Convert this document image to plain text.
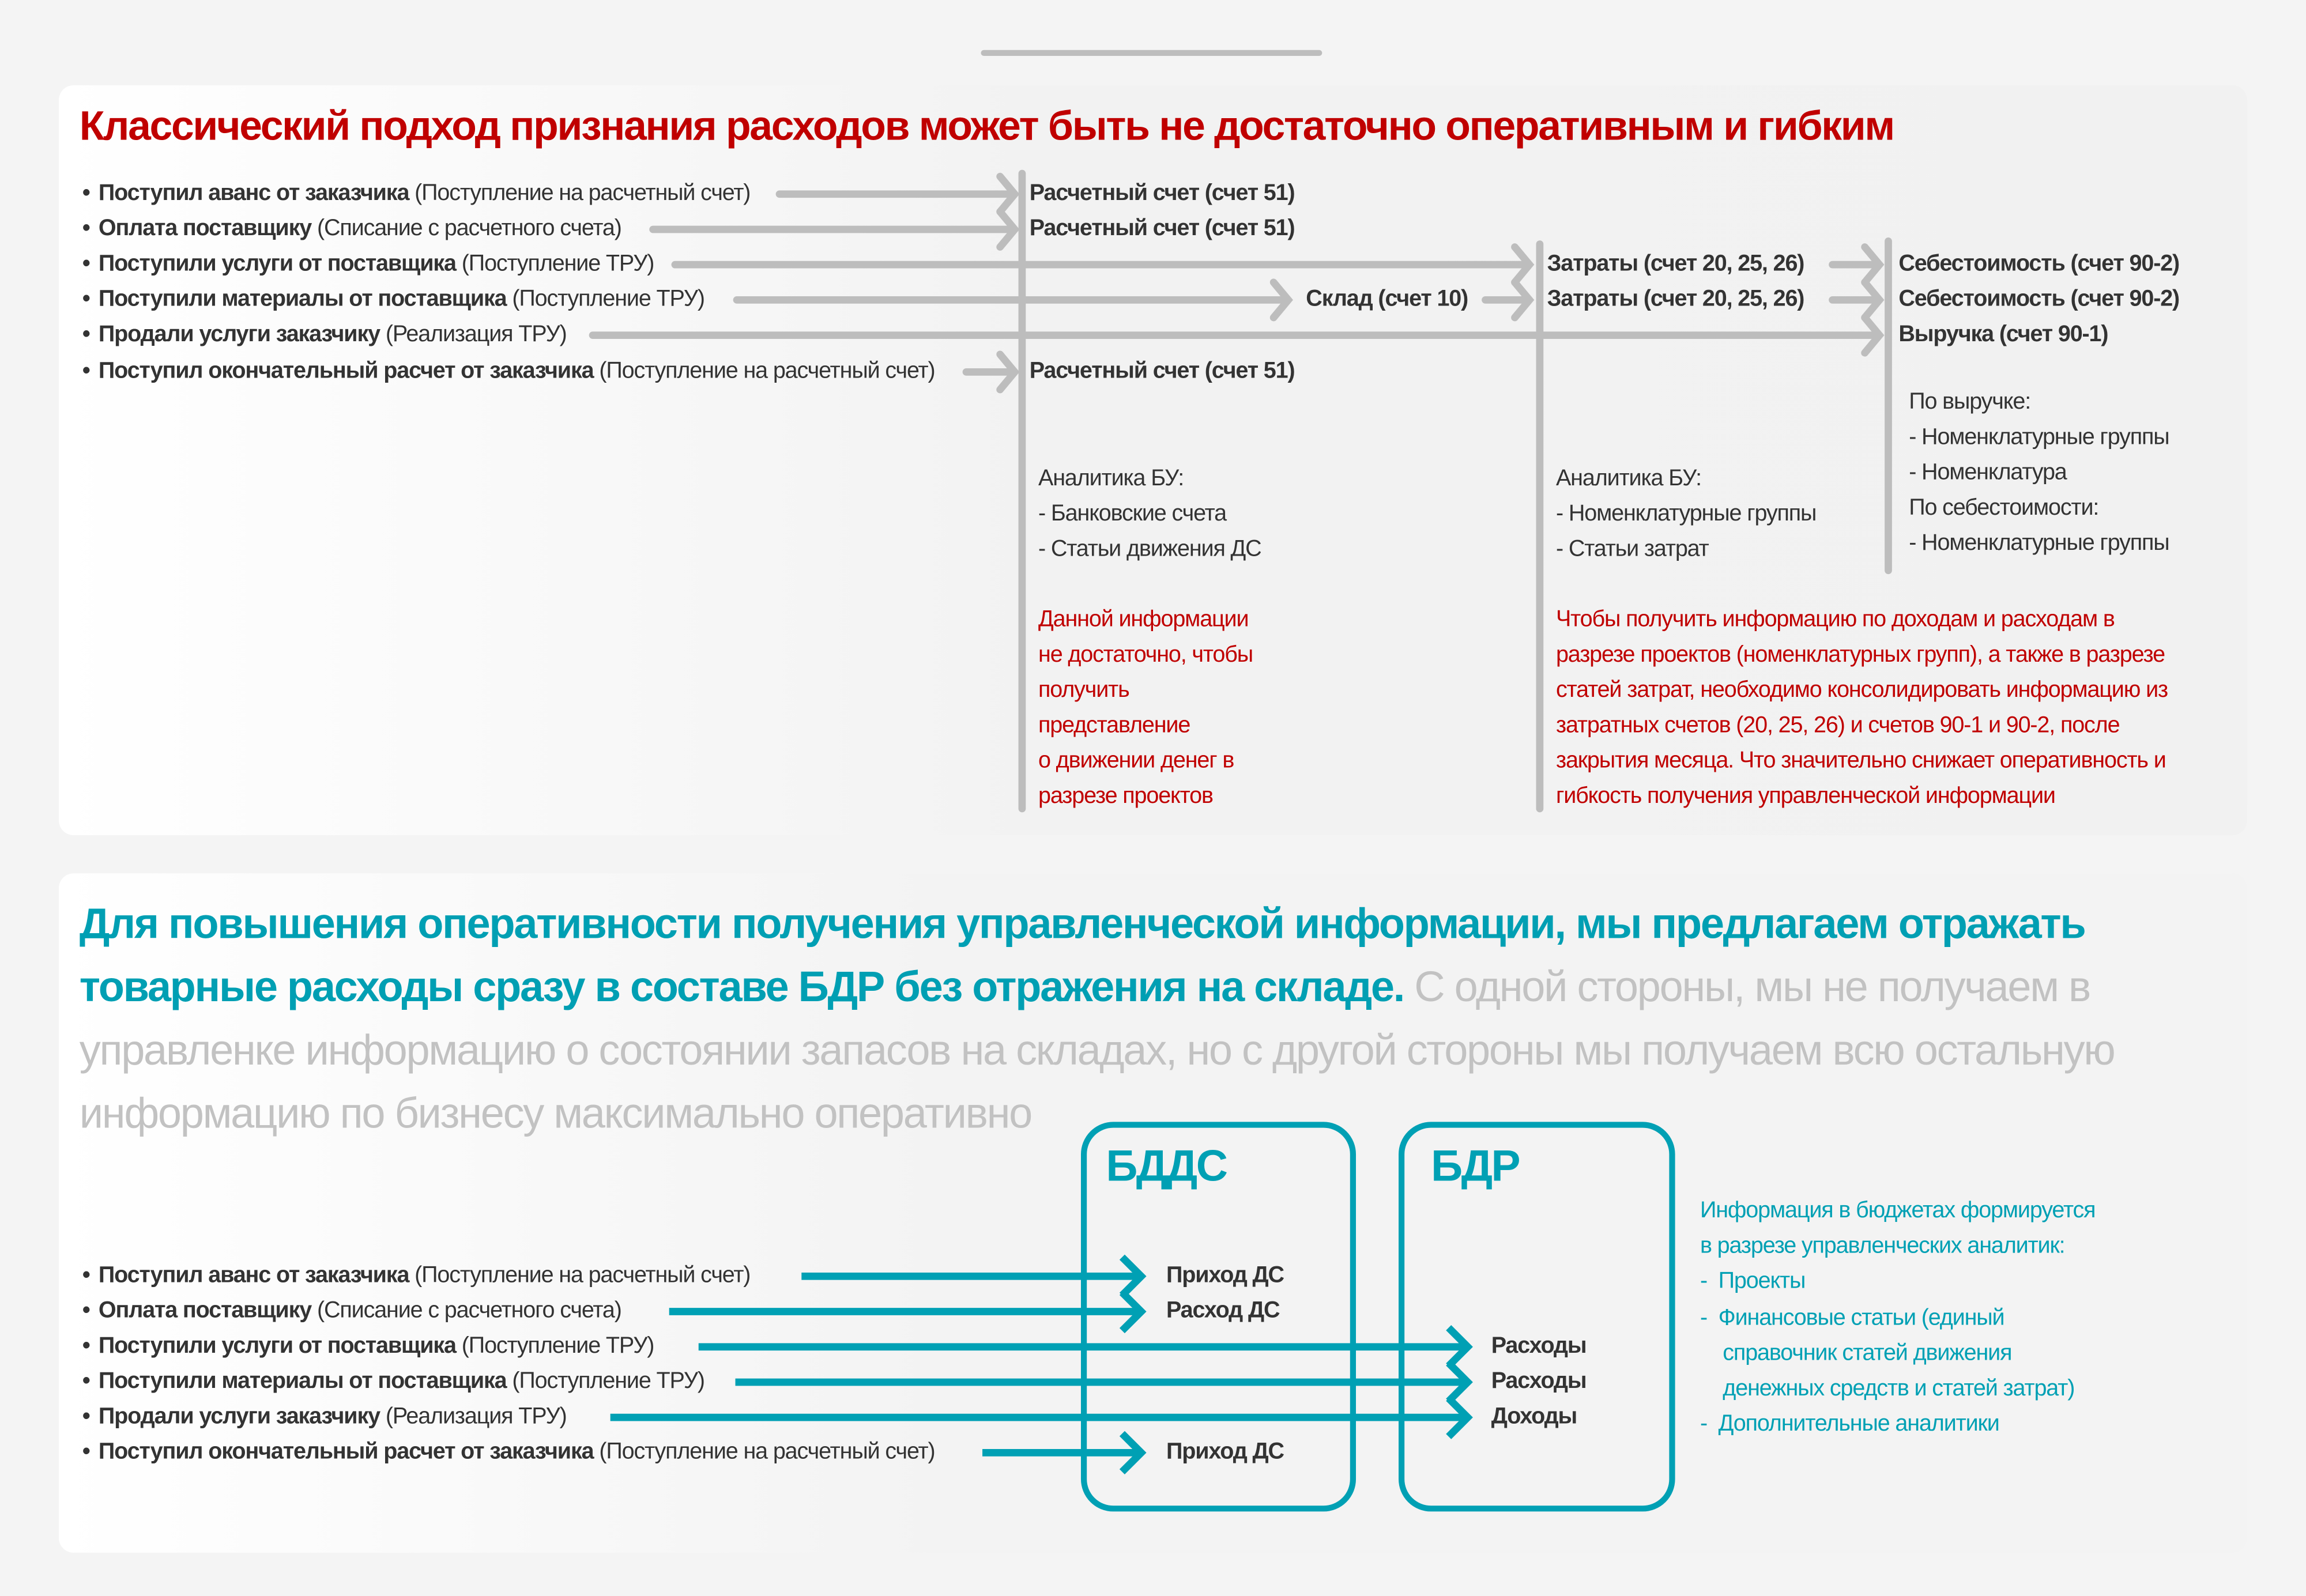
Классический подход признания расходов может быть не достаточно оперативным и гибким
• Поступил аванс от заказчика (Поступление на расчетный счет)
• Оплата поставщику (Списание с расчетного счета)
• Поступили услуги от поставщика (Поступление ТРУ)
• Поступили материалы от поставщика (Поступление ТРУ)
• Продали услуги заказчику (Реализация ТРУ)
• Поступил окончательный расчет от заказчика (Поступление на расчетный счет)
Расчетный счет (счет 51)
Расчетный счет (счет 51)
Расчетный счет (счет 51)
Склад (счет 10)
Затраты (счет 20, 25, 26)
Затраты (счет 20, 25, 26)
Себестоимость (счет 90-2)
Себестоимость (счет 90-2)
Выручка (счет 90-1)
Аналитика БУ:
- Банковские счета
- Статьи движения ДС
Данной информации
не достаточно, чтобы
получить
представление
о движении денег в
разрезе проектов
Аналитика БУ:
- Номенклатурные группы
- Статьи затрат
Чтобы получить информацию по доходам и расходам в
разрезе проектов (номенклатурных групп), а также в разрезе
статей затрат, необходимо консолидировать информацию из
затратных счетов (20, 25, 26) и счетов 90-1 и 90-2, после
закрытия месяца. Что значительно снижает оперативность и
гибкость получения управленческой информации
По выручке:
- Номенклатурные группы
- Номенклатура
По себестоимости:
- Номенклатурные группы

Для повышения оперативности получения управленческой информации, мы предлагаем отражать товарные расходы сразу в составе БДР без отражения на складе. С одной стороны, мы не получаем в управленке информацию о состоянии запасов на складах, но с другой стороны мы получаем всю остальную информацию по бизнесу максимально оперативно

БДДС	БДР
• Поступил аванс от заказчика (Поступление на расчетный счет)
• Оплата поставщику (Списание с расчетного счета)
• Поступили услуги от поставщика (Поступление ТРУ)
• Поступили материалы от поставщика (Поступление ТРУ)
• Продали услуги заказчику (Реализация ТРУ)
• Поступил окончательный расчет от заказчика (Поступление на расчетный счет)
Приход ДС
Расход ДС
Приход ДС
Расходы
Расходы
Доходы
Информация в бюджетах формируется
в разрезе управленческих аналитик:
-  Проекты
-  Финансовые статьи (единый
справочник статей движения
денежных средств и статей затрат)
-  Дополнительные аналитики
